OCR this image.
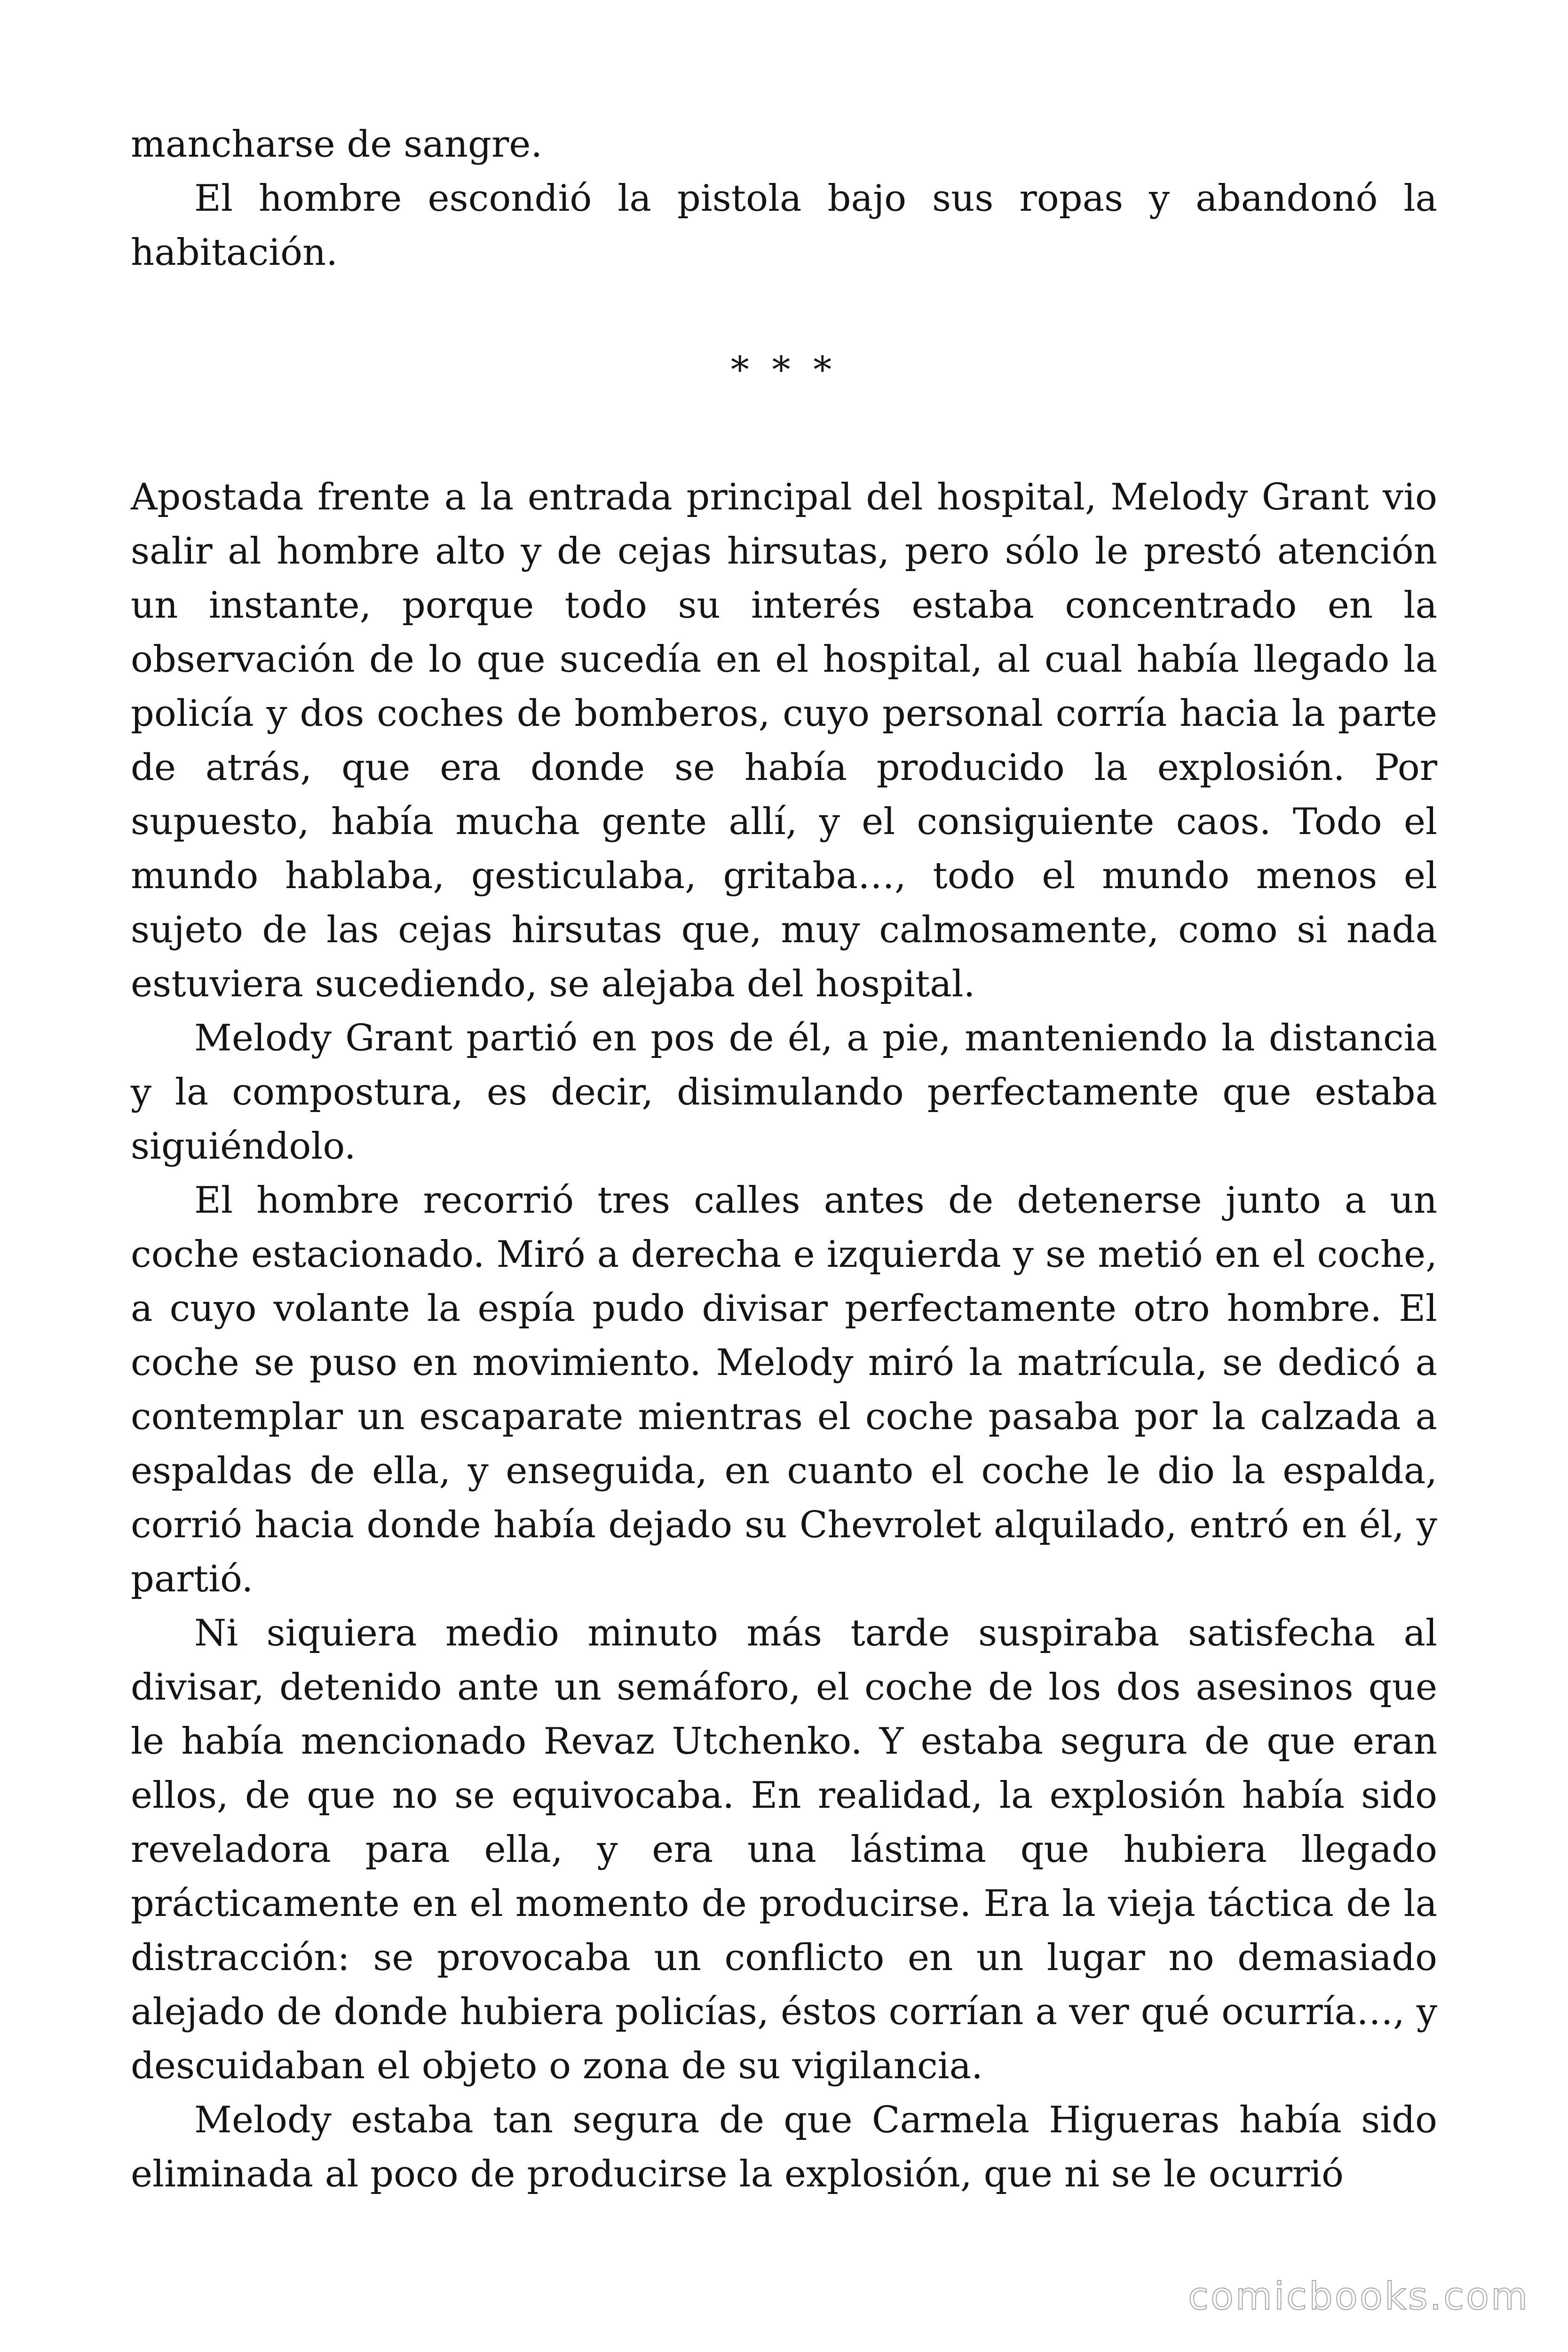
mancharse de sangre.

El hombre escondió la pistola bajo sus ropas y abandonó la habitación.

* * *

Apostada frente a la entrada principal del hospital, Melody Grant vio salir al hombre alto y de cejas hirsutas, pero sólo le prestó atención un instante, porque todo su interés estaba concentrado en la observación de lo que sucedía en el hospital, al cual había llegado la policía y dos coches de bomberos, cuyo personal corría hacia la parte de atrás, que era donde se había producido la explosión. Por supuesto, había mucha gente allí, y el consiguiente caos. Todo el mundo hablaba, gesticulaba, gritaba…, todo el mundo menos el sujeto de las cejas hirsutas que, muy calmosamente, como si nada estuviera sucediendo, se alejaba del hospital.

Melody Grant partió en pos de él, a pie, manteniendo la distancia y la compostura, es decir, disimulando perfectamente que estaba siguiéndolo.

El hombre recorrió tres calles antes de detenerse junto a un coche estacionado. Miró a derecha e izquierda y se metió en el coche, a cuyo volante la espía pudo divisar perfectamente otro hombre. El coche se puso en movimiento. Melody miró la matrícula, se dedicó a contemplar un escaparate mientras el coche pasaba por la calzada a espaldas de ella, y enseguida, en cuanto el coche le dio la espalda, corrió hacia donde había dejado su Chevrolet alquilado, entró en él, y partió.

Ni siquiera medio minuto más tarde suspiraba satisfecha al divisar, detenido ante un semáforo, el coche de los dos asesinos que le había mencionado Revaz Utchenko. Y estaba segura de que eran ellos, de que no se equivocaba. En realidad, la explosión había sido reveladora para ella, y era una lástima que hubiera llegado prácticamente en el momento de producirse. Era la vieja táctica de la distracción: se provocaba un conflicto en un lugar no demasiado alejado de donde hubiera policías, éstos corrían a ver qué ocurría…, y descuidaban el objeto o zona de su vigilancia.

Melody estaba tan segura de que Carmela Higueras había sido eliminada al poco de producirse la explosión, que ni se le ocurrió

comicbooks.com
